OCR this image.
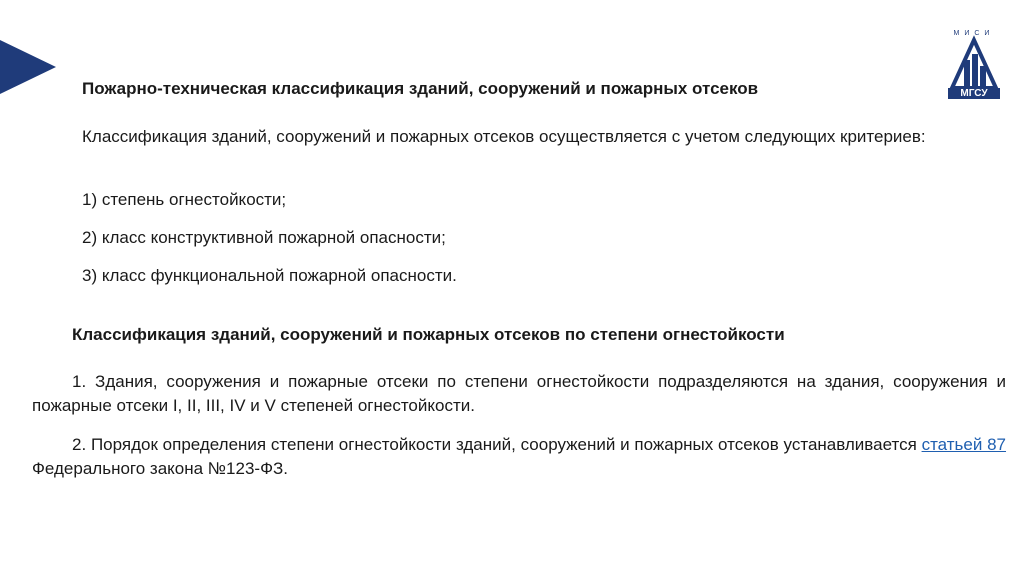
МИСИ
МГСУ
Пожарно-техническая классификация зданий, сооружений и пожарных отсеков
Классификация зданий, сооружений и пожарных отсеков осуществляется с учетом следующих критериев:
1) степень огнестойкости;
2) класс конструктивной пожарной опасности;
3) класс функциональной пожарной опасности.
Классификация зданий, сооружений и пожарных отсеков по степени огнестойкости
1. Здания, сооружения и пожарные отсеки по степени огнестойкости подразделяются на здания, сооружения и пожарные отсеки I, II, III, IV и V степеней огнестойкости.
2. Порядок определения степени огнестойкости зданий, сооружений и пожарных отсеков устанавливается статьей 87 Федерального закона №123-ФЗ.
